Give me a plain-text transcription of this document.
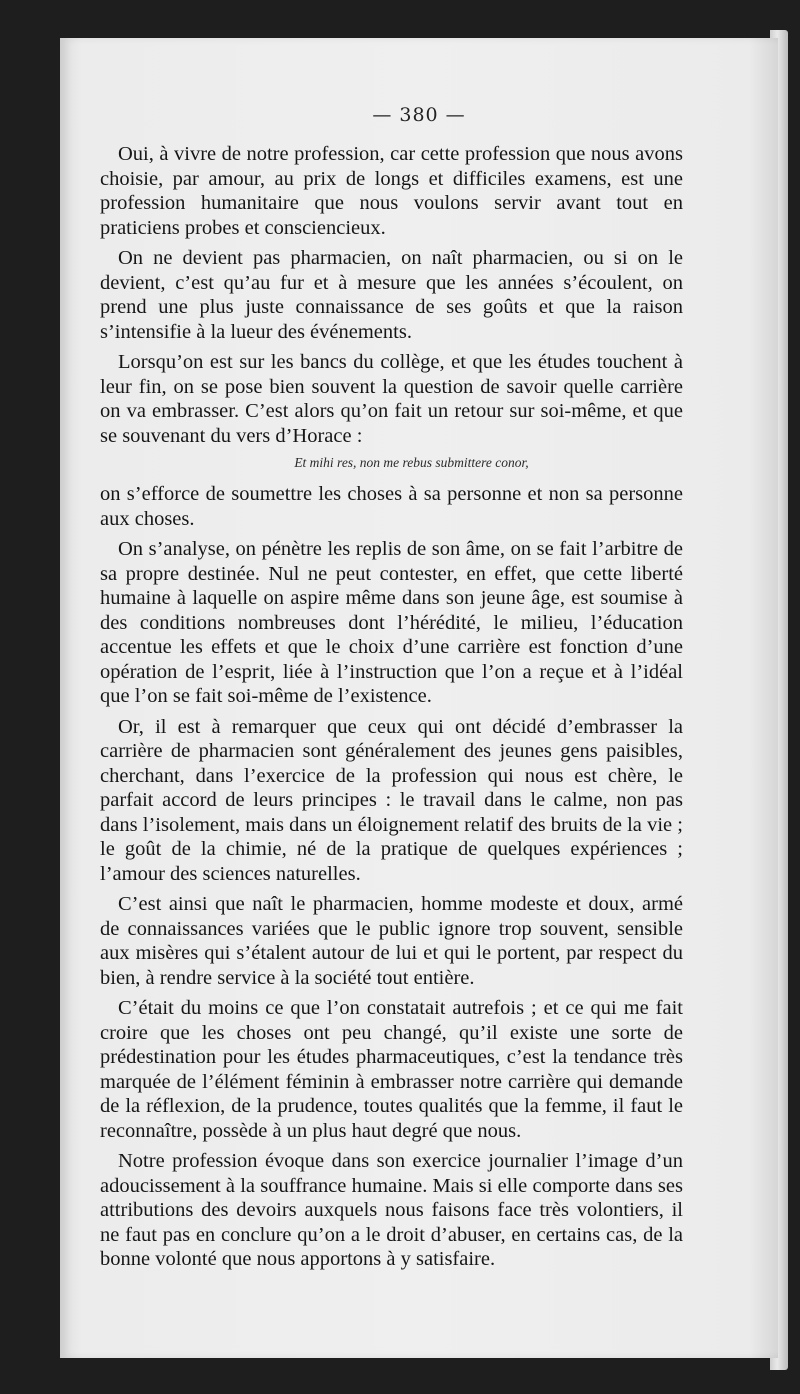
— 380 —

Oui, à vivre de notre profession, car cette profession que nous avons choisie, par amour, au prix de longs et difficiles examens, est une profession humanitaire que nous voulons servir avant tout en praticiens probes et consciencieux.

On ne devient pas pharmacien, on naît pharmacien, ou si on le devient, c’est qu’au fur et à mesure que les années s’écoulent, on prend une plus juste connaissance de ses goûts et que la raison s’intensifie à la lueur des événements.

Lorsqu’on est sur les bancs du collège, et que les études touchent à leur fin, on se pose bien souvent la question de savoir quelle carrière on va embrasser. C’est alors qu’on fait un retour sur soi-même, et que se souvenant du vers d’Horace :

Et mihi res, non me rebus submittere conor,

on s’efforce de soumettre les choses à sa personne et non sa personne aux choses.

On s’analyse, on pénètre les replis de son âme, on se fait l’arbitre de sa propre destinée. Nul ne peut contester, en effet, que cette liberté humaine à laquelle on aspire même dans son jeune âge, est soumise à des conditions nombreuses dont l’hérédité, le milieu, l’éducation accentue les effets et que le choix d’une carrière est fonction d’une opération de l’esprit, liée à l’instruction que l’on a reçue et à l’idéal que l’on se fait soi-même de l’existence.

Or, il est à remarquer que ceux qui ont décidé d’embrasser la carrière de pharmacien sont généralement des jeunes gens paisibles, cherchant, dans l’exercice de la profession qui nous est chère, le parfait accord de leurs principes : le travail dans le calme, non pas dans l’isolement, mais dans un éloignement relatif des bruits de la vie ; le goût de la chimie, né de la pratique de quelques expériences ; l’amour des sciences naturelles.

C’est ainsi que naît le pharmacien, homme modeste et doux, armé de connaissances variées que le public ignore trop souvent, sensible aux misères qui s’étalent autour de lui et qui le portent, par respect du bien, à rendre service à la société tout entière.

C’était du moins ce que l’on constatait autrefois ; et ce qui me fait croire que les choses ont peu changé, qu’il existe une sorte de prédestination pour les études pharmaceutiques, c’est la tendance très marquée de l’élément féminin à embrasser notre carrière qui demande de la réflexion, de la prudence, toutes qualités que la femme, il faut le reconnaître, possède à un plus haut degré que nous.

Notre profession évoque dans son exercice journalier l’image d’un adoucissement à la souffrance humaine. Mais si elle comporte dans ses attributions des devoirs auxquels nous faisons face très volontiers, il ne faut pas en conclure qu’on a le droit d’abuser, en certains cas, de la bonne volonté que nous apportons à y satisfaire.
